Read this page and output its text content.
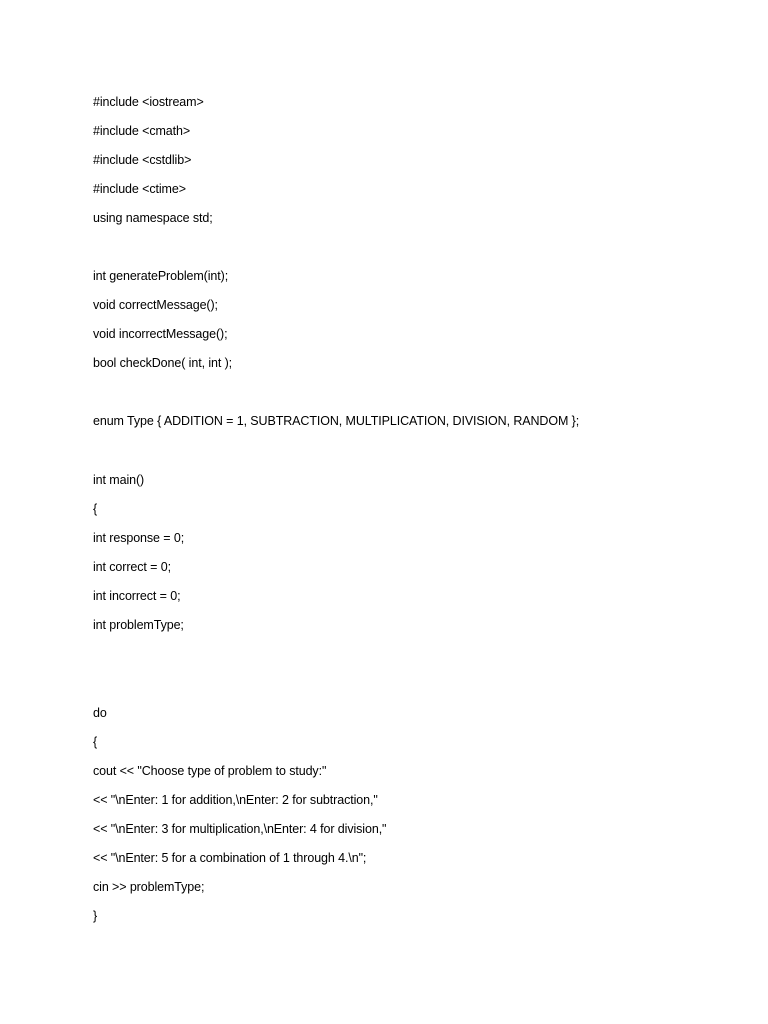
#include <iostream>
#include <cmath>
#include <cstdlib>
#include <ctime>
using namespace std;
int generateProblem(int);
void correctMessage();
void incorrectMessage();
bool checkDone( int, int );
enum Type { ADDITION = 1, SUBTRACTION, MULTIPLICATION, DIVISION, RANDOM };
int main()
{
int response = 0;
int correct = 0;
int incorrect = 0;
int problemType;
do
{
cout << "Choose type of problem to study:"
<< "\nEnter: 1 for addition,\nEnter: 2 for subtraction,"
<< "\nEnter: 3 for multiplication,\nEnter: 4 for division,"
<< "\nEnter: 5 for a combination of 1 through 4.\n";
cin >> problemType;
}
